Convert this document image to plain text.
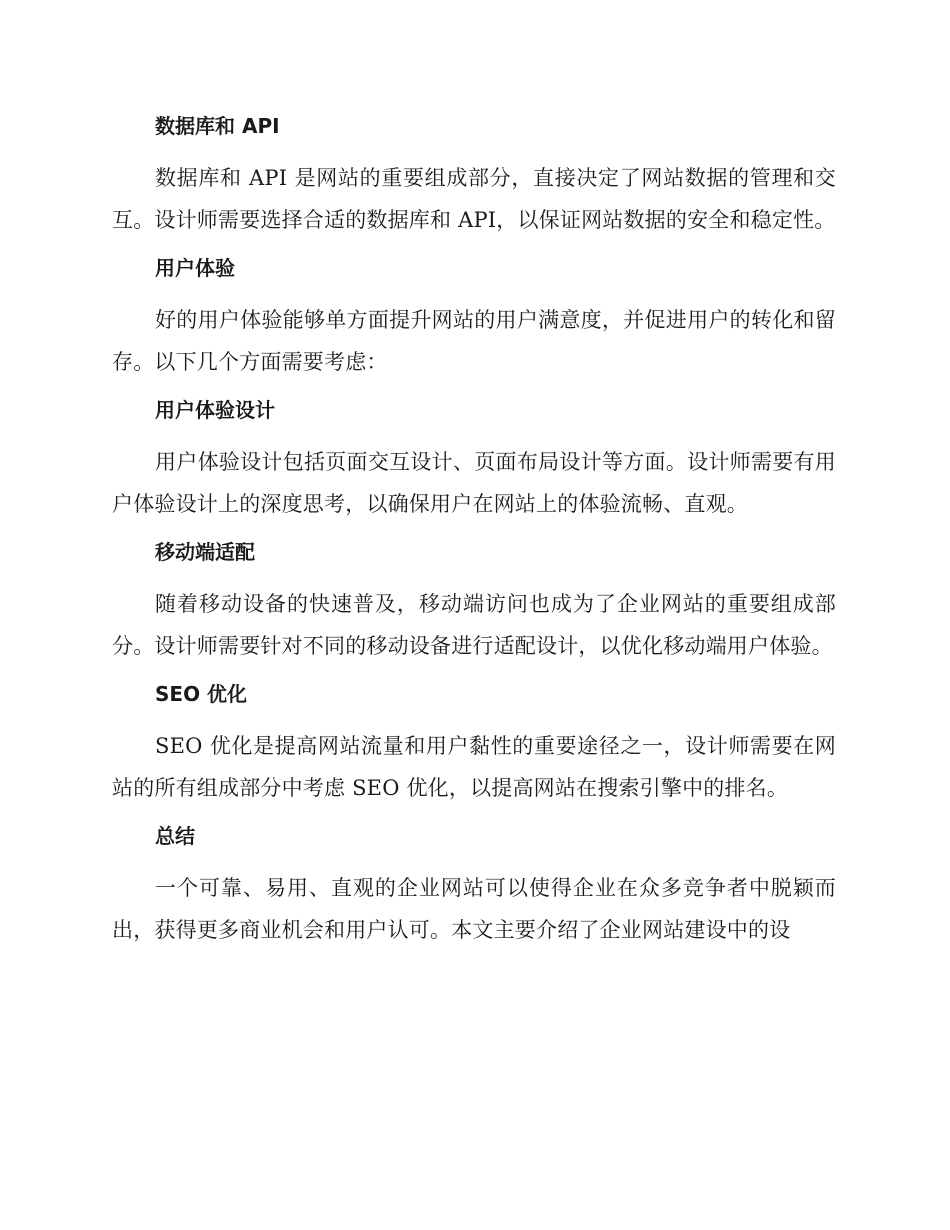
数据库和 API

数据库和 API 是网站的重要组成部分，直接决定了网站数据的管理和交互。设计师需要选择合适的数据库和 API，以保证网站数据的安全和稳定性。

用户体验

好的用户体验能够单方面提升网站的用户满意度，并促进用户的转化和留存。以下几个方面需要考虑：

用户体验设计

用户体验设计包括页面交互设计、页面布局设计等方面。设计师需要有用户体验设计上的深度思考，以确保用户在网站上的体验流畅、直观。

移动端适配

随着移动设备的快速普及，移动端访问也成为了企业网站的重要组成部分。设计师需要针对不同的移动设备进行适配设计，以优化移动端用户体验。

SEO 优化

SEO 优化是提高网站流量和用户黏性的重要途径之一，设计师需要在网站的所有组成部分中考虑 SEO 优化，以提高网站在搜索引擎中的排名。

总结

一个可靠、易用、直观的企业网站可以使得企业在众多竞争者中脱颖而出，获得更多商业机会和用户认可。本文主要介绍了企业网站建设中的设
